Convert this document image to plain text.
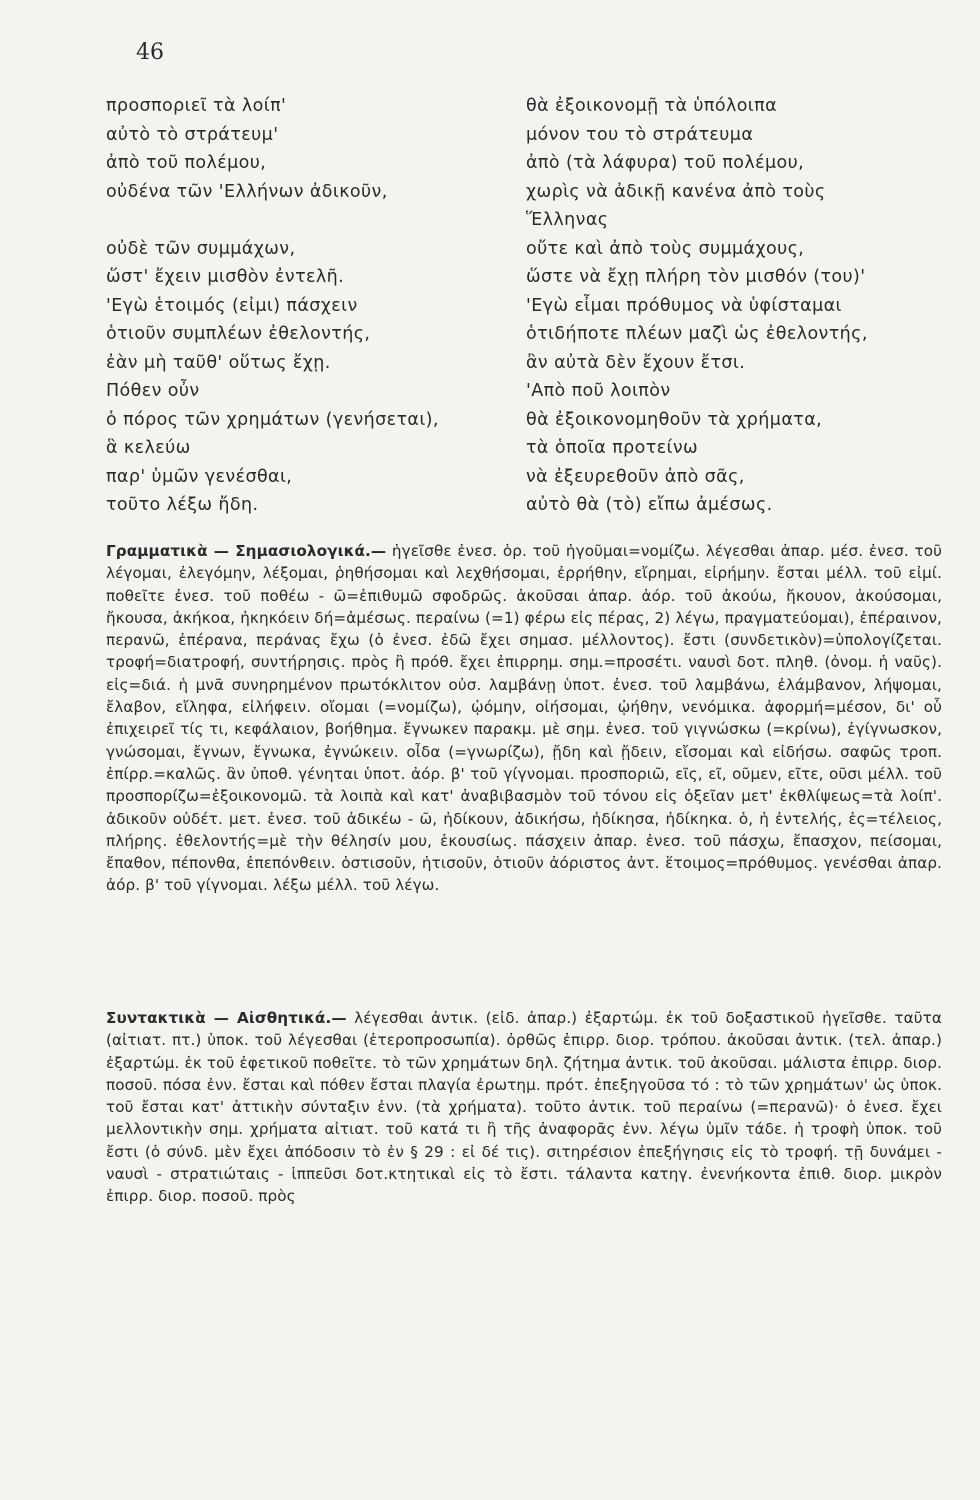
46
προσποριεῖ τὰ λοίπ'	θὰ ἐξοικονομῇ τὰ ὑπόλοιπα
αὐτὸ τὸ στράτευμ'	μόνον του τὸ στράτευμα
ἀπὸ τοῦ πολέμου,	ἀπὸ (τὰ λάφυρα) τοῦ πολέμου,
οὐδένα τῶν 'Ελλήνων ἀδικοῦν,	χωρὶς νὰ ἀδικῇ κανένα ἀπὸ τοὺς
Ἕλληνας
οὐδὲ τῶν συμμάχων,	οὔτε καὶ ἀπὸ τοὺς συμμάχους,
ὥστ' ἔχειν μισθὸν ἐντελῆ.	ὥστε νὰ ἔχῃ πλήρη τὸν μισθόν (του)'
'Εγὼ ἑτοιμός (εἰμι) πάσχειν	'Εγὼ εἶμαι πρόθυμος νὰ ὑφίσταμαι
ὁτιοῦν συμπλέων ἐθελοντής,	ὁτιδήποτε πλέων μαζὶ ὡς ἐθελοντής,
ἐὰν μὴ ταῦθ' οὕτως ἔχῃ.	ἂν αὐτὰ δὲν ἔχουν ἔτσι.
Πόθεν οὖν	'Απὸ ποῦ λοιπὸν
ὁ πόρος τῶν χρημάτων (γενήσεται),	θὰ ἐξοικονομηθοῦν τὰ χρήματα,
ἃ κελεύω	τὰ ὁποῖα προτείνω
παρ' ὑμῶν γενέσθαι,	νὰ ἐξευρεθοῦν ἀπὸ σᾶς,
τοῦτο λέξω ἤδη.	αὐτὸ θὰ (τὸ) εἴπω ἀμέσως.

Γραμματικὰ — Σημασιολογικά.— ἡγεῖσθε ἐνεσ. ὁρ. τοῦ ἡγοῦμαι=νομίζω. λέγεσθαι ἀπαρ. μέσ. ἐνεσ. τοῦ λέγομαι, ἐλεγόμην, λέξομαι, ῥηθήσομαι καὶ λεχθήσομαι, ἐρρήθην, εἴρημαι, εἰρήμην. ἔσται μέλλ. τοῦ εἰμί. ποθεῖτε ἐνεσ. τοῦ ποθέω - ῶ=ἐπιθυμῶ σφοδρῶς. ἀκοῦσαι ἀπαρ. ἀόρ. τοῦ ἀκούω, ἤκουον, ἀκούσομαι, ἤκουσα, ἀκήκοα, ἠκηκόειν δή=ἀμέσως. περαίνω (=1) φέρω εἰς πέρας, 2) λέγω, πραγματεύομαι), ἐπέραινον, περανῶ, ἐπέρανα, περάνας ἔχω (ὁ ἐνεσ. ἐδῶ ἔχει σημασ. μέλλοντος). ἔστι (συνδετικὸν)=ὑπολογίζεται. τροφή=διατροφή, συντήρησις. πρὸς ἢ πρόθ. ἔχει ἐπιρρημ. σημ.=προσέτι. ναυσὶ δοτ. πληθ. (ὀνομ. ἡ ναῦς). εἰς=διά. ἡ μνᾶ συνηρημένον πρωτόκλιτον οὐσ. λαμβάνῃ ὑποτ. ἐνεσ. τοῦ λαμβάνω, ἐλάμβανον, λήψομαι, ἔλαβον, εἴληφα, εἰλήφειν. οἴομαι (=νομίζω), ᾠόμην, οἰήσομαι, ᾠήθην, νενόμικα. ἀφορμή=μέσον, δι' οὗ ἐπιχειρεῖ τίς τι, κεφάλαιον, βοήθημα. ἔγνωκεν παρακμ. μὲ σημ. ἐνεσ. τοῦ γιγνώσκω (=κρίνω), ἐγίγνωσκον, γνώσομαι, ἔγνων, ἔγνωκα, ἐγνώκειν. οἶδα (=γνωρίζω), ᾔδη καὶ ᾔδειν, εἴσομαι καὶ εἰδήσω. σαφῶς τροπ. ἐπίρρ.=καλῶς. ἂν ὑποθ. γένηται ὑποτ. ἀόρ. β' τοῦ γίγνομαι. προσποριῶ, εῖς, εῖ, οῦμεν, εῖτε, οῦσι μέλλ. τοῦ προσπορίζω=ἐξοικονομῶ. τὰ λοιπὰ καὶ κατ' ἀναβιβασμὸν τοῦ τόνου εἰς ὀξεῖαν μετ' ἐκθλίψεως=τὰ λοίπ'. ἀδικοῦν οὐδέτ. μετ. ἐνεσ. τοῦ ἀδικέω - ῶ, ἠδίκουν, ἀδικήσω, ἠδίκησα, ἠδίκηκα. ὁ, ἡ ἐντελής, ἐς=τέλειος, πλήρης. ἐθελοντής=μὲ τὴν θέλησίν μου, ἑκουσίως. πάσχειν ἀπαρ. ἐνεσ. τοῦ πάσχω, ἔπασχον, πείσομαι, ἔπαθον, πέπονθα, ἐπεπόνθειν. ὁστισοῦν, ἡτισοῦν, ὁτιοῦν ἀόριστος ἀντ. ἕτοιμος=πρόθυμος. γενέσθαι ἀπαρ. ἀόρ. β' τοῦ γίγνομαι. λέξω μέλλ. τοῦ λέγω.

Συντακτικὰ — Αἰσθητικά.— λέγεσθαι ἀντικ. (εἰδ. ἀπαρ.) ἐξαρτώμ. ἐκ τοῦ δοξαστικοῦ ἡγεῖσθε. ταῦτα (αἰτιατ. πτ.) ὑποκ. τοῦ λέγεσθαι (ἑτεροπροσωπία). ὀρθῶς ἐπιρρ. διορ. τρόπου. ἀκοῦσαι ἀντικ. (τελ. ἀπαρ.) ἐξαρτώμ. ἐκ τοῦ ἐφετικοῦ ποθεῖτε. τὸ τῶν χρημάτων δηλ. ζήτημα ἀντικ. τοῦ ἀκοῦσαι. μάλιστα ἐπιρρ. διορ. ποσοῦ. πόσα ἐνν. ἔσται καὶ πόθεν ἔσται πλαγία ἐρωτημ. πρότ. ἐπεξηγοῦσα τό : τὸ τῶν χρημάτων' ὡς ὑποκ. τοῦ ἔσται κατ' ἀττικὴν σύνταξιν ἐνν. (τὰ χρήματα). τοῦτο ἀντικ. τοῦ περαίνω (=περανῶ)· ὁ ἐνεσ. ἔχει μελλοντικὴν σημ. χρήματα αἰτιατ. τοῦ κατά τι ἢ τῆς ἀναφορᾶς ἐνν. λέγω ὑμῖν τάδε. ἡ τροφὴ ὑποκ. τοῦ ἔστι (ὁ σύνδ. μὲν ἔχει ἀπόδοσιν τὸ ἐν § 29 : εἰ δέ τις). σιτηρέσιον ἐπεξήγησις εἰς τὸ τροφή. τῇ δυνάμει - ναυσὶ - στρατιώταις - ἱππεῦσι δοτ.κτητικαὶ εἰς τὸ ἔστι. τάλαντα κατηγ. ἐνενήκοντα ἐπιθ. διορ. μικρὸν ἐπιρρ. διορ. ποσοῦ. πρὸς
